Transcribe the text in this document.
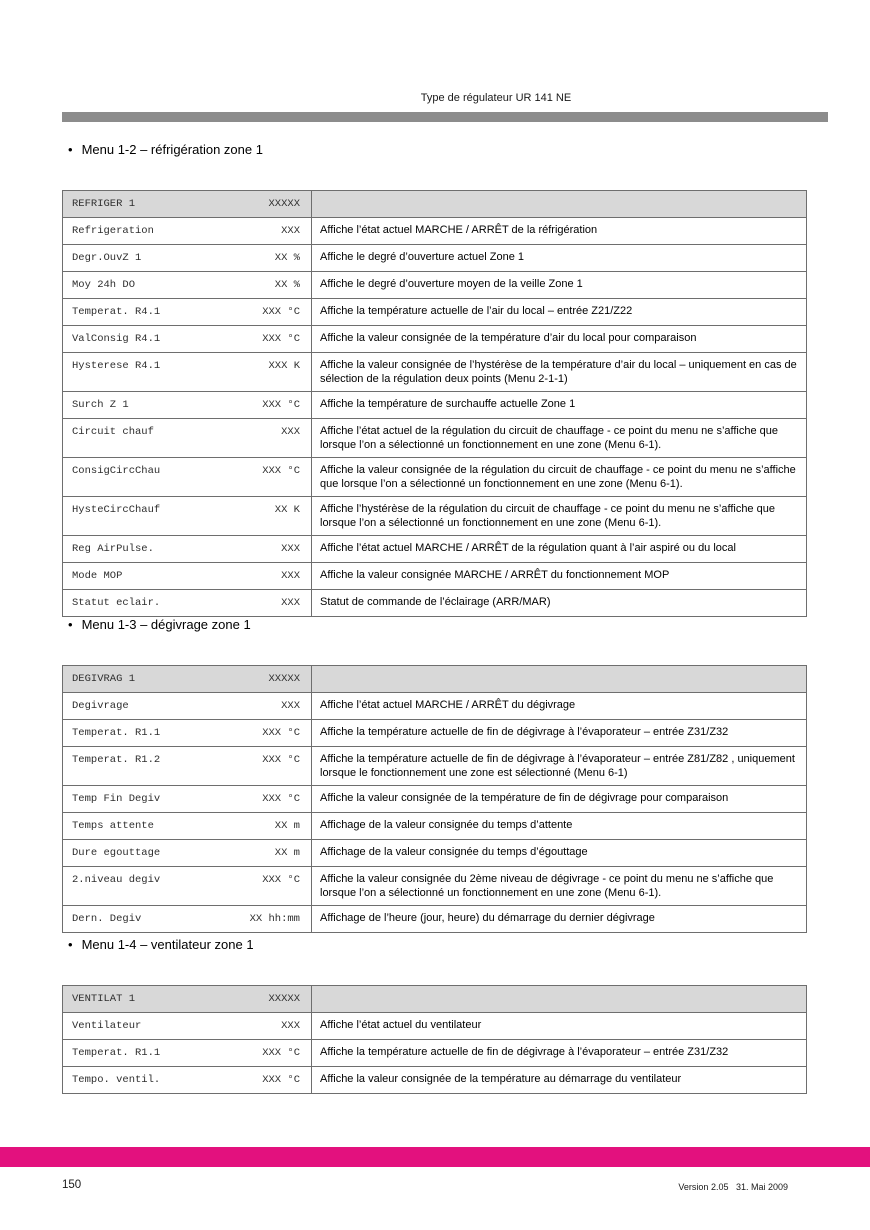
Type de régulateur UR 141 NE
• Menu 1-2 – réfrigération zone 1
REFRIGER 1 XXXXX	

Refrigeration XXX	Affiche l’état actuel MARCHE / ARRÊT de la réfrigération

Degr.OuvZ 1 XX %	Affiche le degré d’ouverture actuel Zone 1

Moy 24h DO XX %	Affiche le degré d’ouverture moyen de la veille Zone 1

Temperat. R4.1 XXX °C	Affiche la température actuelle de l’air du local – entrée Z21/Z22

ValConsig R4.1 XXX °C	Affiche la valeur consignée de la température d’air du local pour comparaison

Hysterese R4.1 XXX K	Affiche la valeur consignée de l’hystérèse de la température d’air du local – uniquement en cas de sélection de la régulation deux points (Menu 2-1-1)

Surch Z 1 XXX °C	Affiche la température de surchauffe actuelle Zone 1

Circuit chauf XXX	Affiche l’état actuel de la régulation du circuit de chauffage - ce point du menu ne s’affiche que lorsque l’on a sélectionné un fonctionnement en une zone (Menu 6-1).

ConsigCircChau XXX °C	Affiche la valeur consignée de la régulation du circuit de chauffage - ce point du menu ne s’affiche que lorsque l’on a sélectionné un fonctionnement en une zone (Menu 6-1).

HysteCircChauf XX K	Affiche l’hystérèse de la régulation du circuit de chauffage - ce point du menu ne s’affiche que lorsque l’on a sélectionné un fonctionnement en une zone (Menu 6-1).

Reg AirPulse. XXX	Affiche l’état actuel MARCHE / ARRÊT de la régulation quant à l’air aspiré ou du local

Mode MOP XXX	Affiche la valeur consignée MARCHE / ARRÊT du fonctionnement MOP

Statut eclair. XXX	Statut de commande de l’éclairage (ARR/MAR)
• Menu 1-3 – dégivrage zone 1
DEGIVRAG 1 XXXXX	

Degivrage XXX	Affiche l’état actuel MARCHE / ARRÊT du dégivrage

Temperat. R1.1 XXX °C	Affiche la température actuelle de fin de dégivrage à l’évaporateur – entrée Z31/Z32

Temperat. R1.2 XXX °C	Affiche la température actuelle de fin de dégivrage à l’évaporateur – entrée Z81/Z82 , uniquement lorsque le fonctionnement une zone est sélectionné (Menu 6-1)

Temp Fin Degiv XXX °C	Affiche la valeur consignée de la température de fin de dégivrage pour comparaison

Temps attente XX m	Affichage de la valeur consignée du temps d’attente

Dure egouttage XX m	Affichage de la valeur consignée du temps d’égouttage

2.niveau degiv XXX °C	Affiche la valeur consignée du 2ème niveau de dégivrage - ce point du menu ne s’affiche que lorsque l’on a sélectionné un fonctionnement en une zone (Menu 6-1).

Dern. Degiv XX hh:mm	Affichage de l’heure (jour, heure) du démarrage du dernier dégivrage
• Menu 1-4 – ventilateur zone 1
VENTILAT 1 XXXXX	

Ventilateur XXX	Affiche l’état actuel du ventilateur

Temperat. R1.1 XXX °C	Affiche la température actuelle de fin de dégivrage à l’évaporateur – entrée Z31/Z32

Tempo. ventil. XXX °C	Affiche la valeur consignée de la température au démarrage du ventilateur
150	Version 2.05   31. Mai 2009
